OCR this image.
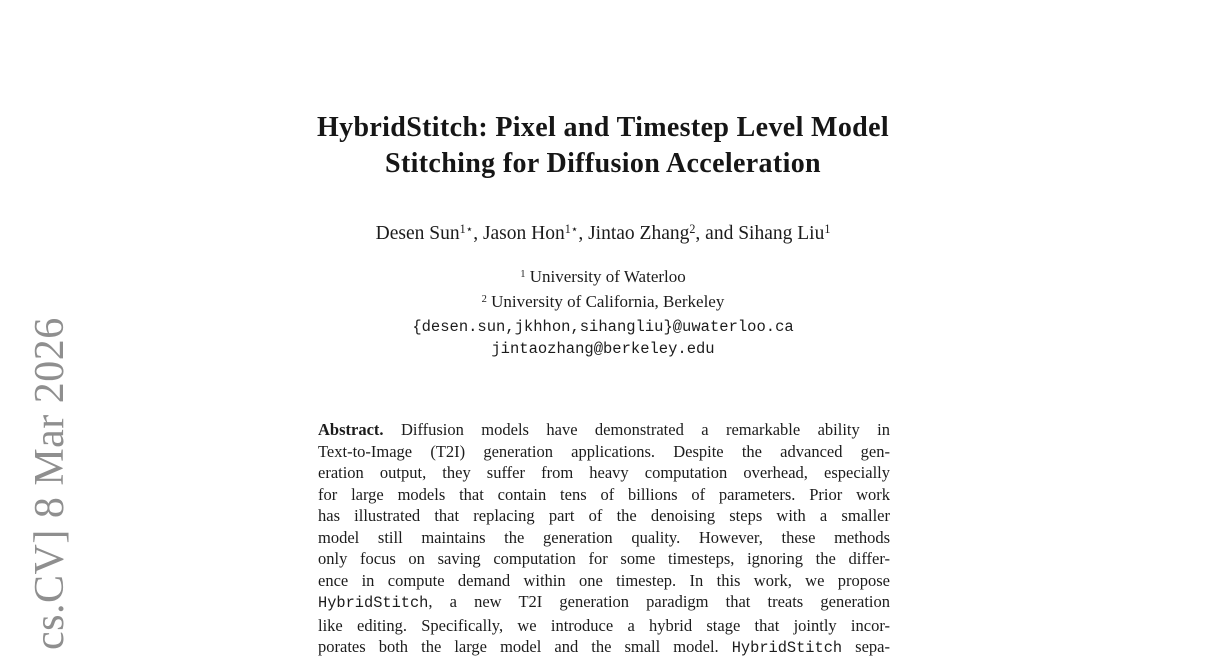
cs.CV] 8 Mar 2026
HybridStitch: Pixel and Timestep Level Model
Stitching for Diffusion Acceleration
Desen Sun$^{1⋆}$, Jason Hon$^{1⋆}$, Jintao Zhang$^2$, and Sihang Liu$^1$
$^1$ University of Waterloo
$^2$ University of California, Berkeley
{desen.sun,jkhhon,sihangliu}@uwaterloo.ca
jintaozhang@berkeley.edu
Abstract. Diffusion models have demonstrated a remarkable ability in
Text-to-Image (T2I) generation applications. Despite the advanced gen-
eration output, they suffer from heavy computation overhead, especially
for large models that contain tens of billions of parameters. Prior work
has illustrated that replacing part of the denoising steps with a smaller
model still maintains the generation quality. However, these methods
only focus on saving computation for some timesteps, ignoring the differ-
ence in compute demand within one timestep. In this work, we propose
HybridStitch, a new T2I generation paradigm that treats generation
like editing. Specifically, we introduce a hybrid stage that jointly incor-
porates both the large model and the small model. HybridStitch sepa-
